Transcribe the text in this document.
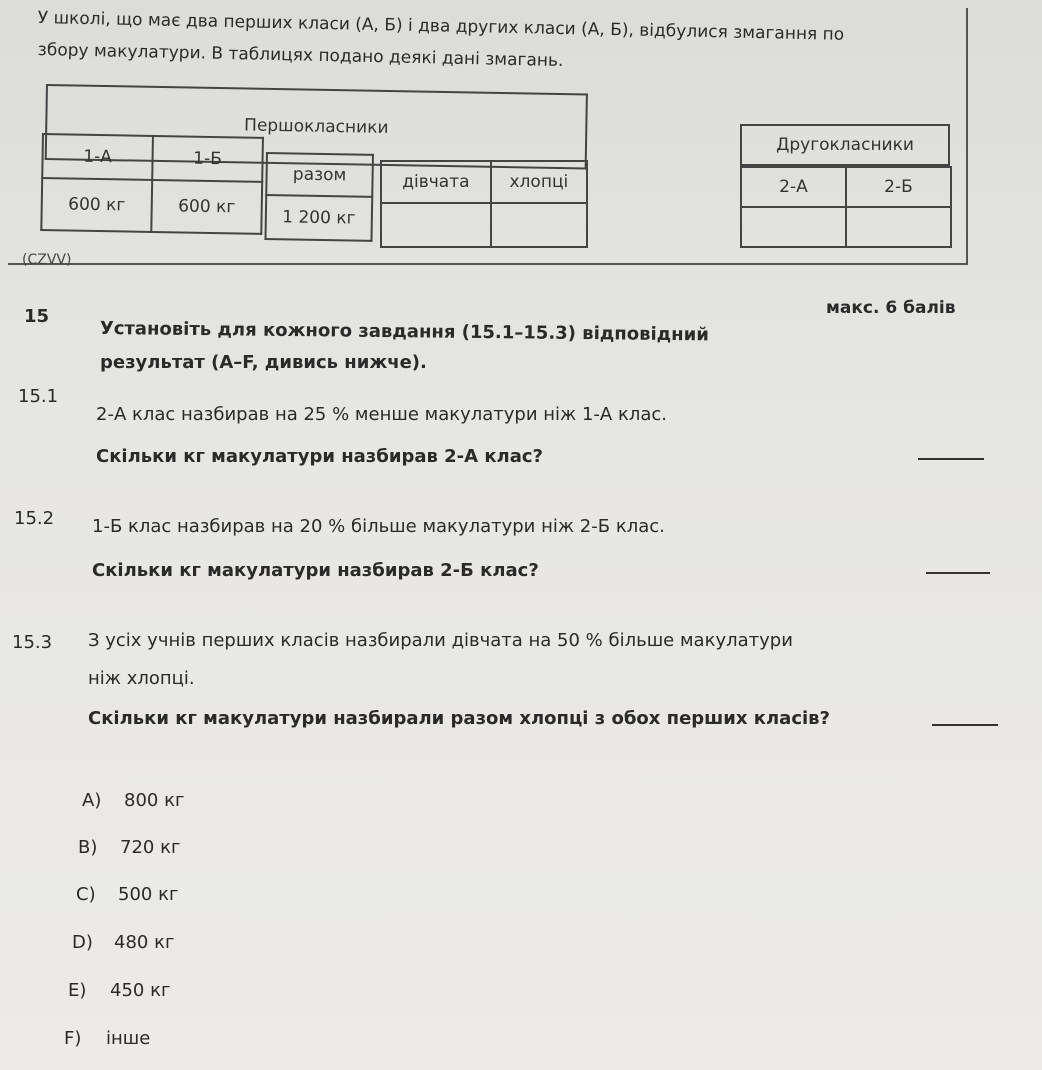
У школі, що має два перших класи (А, Б) і два других класи (А, Б), відбулися змагання по
збору макулатури. В таблицях подано деякі дані змагань.
Першокласники
1-А	1-Б
600 кг	600 кг
разом
1 200 кг
дівчата	хлопці

Другокласники
2-А	2-Б

(CZVV)
15	макс. 6 балів
Установіть для кожного завдання (15.1–15.3) відповідний
результат (A–F, дивись нижче).
15.1
2-А клас назбирав на 25 % менше макулатури ніж 1-А клас.
Скільки кг макулатури назбирав 2-А клас?
15.2 1-Б клас назбирав на 20 % більше макулатури ніж 2-Б клас.
Скільки кг макулатури назбирав 2-Б клас?
15.3 З усіх учнів перших класів назбирали дівчата на 50 % більше макулатури
ніж хлопці.
Скільки кг макулатури назбирали разом хлопці з обох перших класів?
A) 800 кг
B) 720 кг
C) 500 кг
D) 480 кг
E) 450 кг
F) інше
